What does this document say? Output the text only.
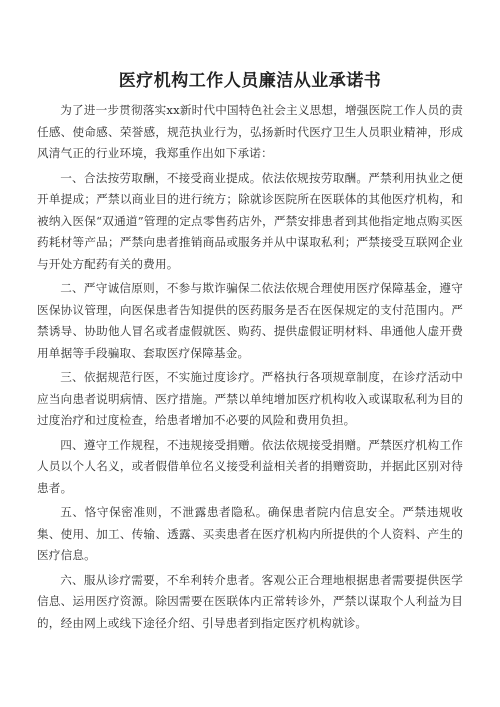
医疗机构工作人员廉洁从业承诺书

为了进一步贯彻落实xx新时代中国特色社会主义思想，增强医院工作人员的责任感、使命感、荣誉感，规范执业行为，弘扬新时代医疗卫生人员职业精神，形成风清气正的行业环境，我郑重作出如下承诺：

一、合法按劳取酬，不接受商业提成。依法依规按劳取酬。严禁利用执业之便开单提成；严禁以商业目的进行统方；除就诊医院所在医联体的其他医疗机构，和被纳入医保“双通道”管理的定点零售药店外，严禁安排患者到其他指定地点购买医药耗材等产品；严禁向患者推销商品或服务并从中谋取私利；严禁接受互联网企业与开处方配药有关的费用。

二、严守诚信原则，不参与欺诈骗保二依法依规合理使用医疗保障基金，遵守医保协议管理，向医保患者告知提供的医药服务是否在医保规定的支付范围内。严禁诱导、协助他人冒名或者虚假就医、购药、提供虚假证明材料、串通他人虚开费用单据等手段骗取、套取医疗保障基金。

三、依据规范行医，不实施过度诊疗。严格执行各项规章制度，在诊疗活动中应当向患者说明病情、医疗措施。严禁以单纯增加医疗机构收入或谋取私利为目的过度治疗和过度检查，给患者增加不必要的风险和费用负担。

四、遵守工作规程，不违规接受捐赠。依法依规接受捐赠。严禁医疗机构工作人员以个人名义，或者假借单位名义接受利益相关者的捐赠资助，并据此区别对待患者。

五、恪守保密准则，不泄露患者隐私。确保患者院内信息安全。严禁违规收集、使用、加工、传输、透露、买卖患者在医疗机构内所提供的个人资料、产生的医疗信息。

六、服从诊疗需要，不牟利转介患者。客观公正合理地根据患者需要提供医学信息、运用医疗资源。除因需要在医联体内正常转诊外，严禁以谋取个人利益为目的，经由网上或线下途径介绍、引导患者到指定医疗机构就诊。
